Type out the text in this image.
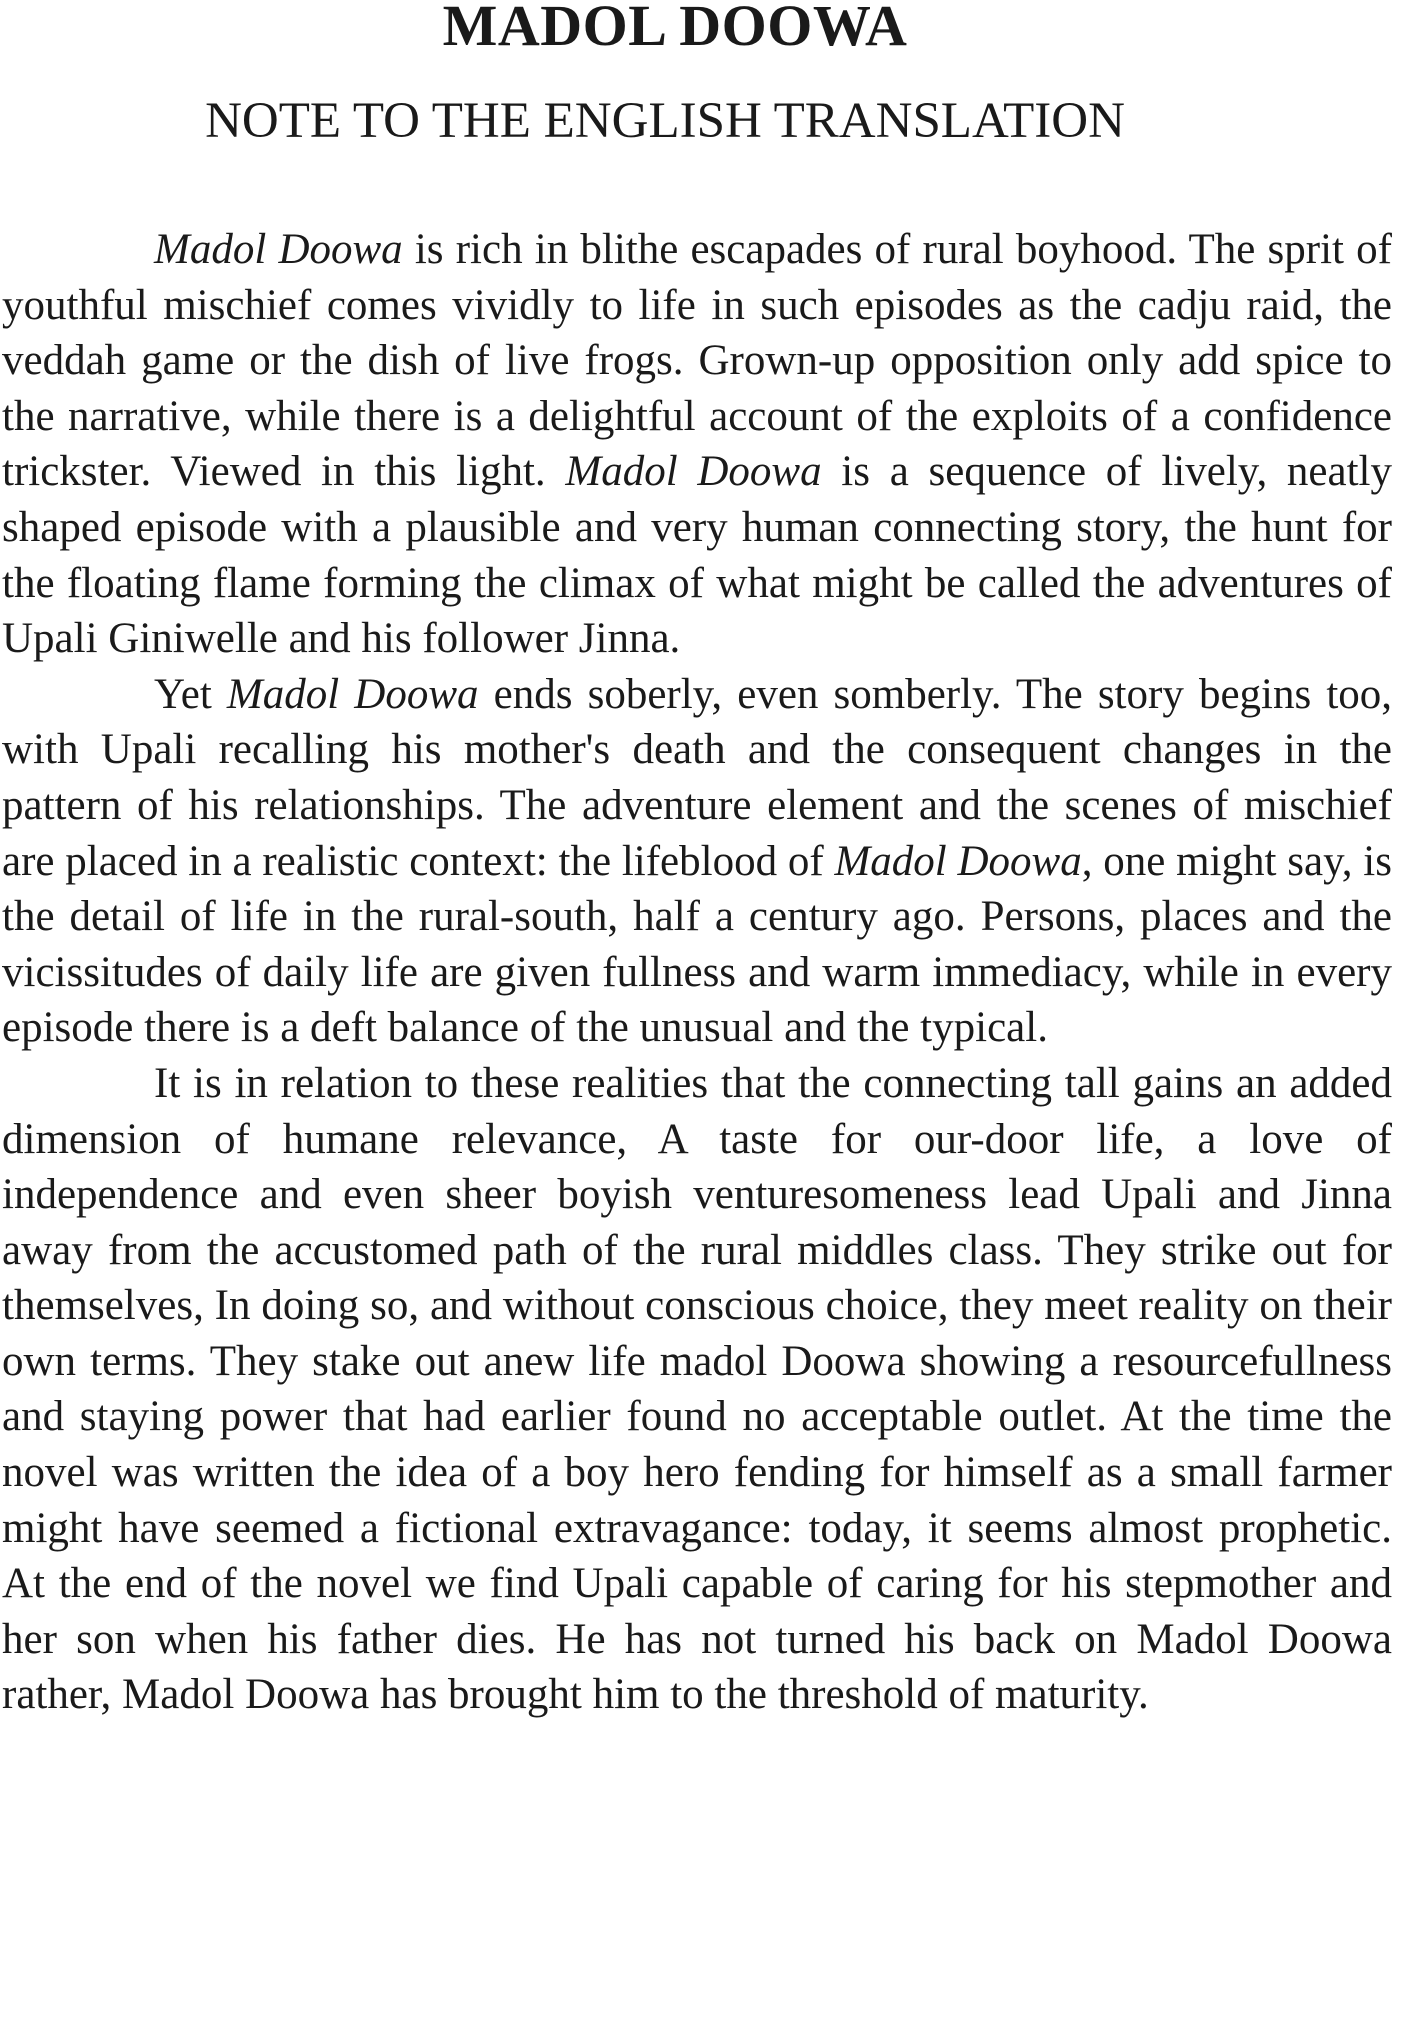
MADOL DOOWA
NOTE TO THE ENGLISH TRANSLATION

Madol Doowa is rich in blithe escapades of rural boyhood. The sprit of youthful mischief comes vividly to life in such episodes as the cadju raid, the veddah game or the dish of live frogs. Grown-up opposition only add spice to the narrative, while there is a delightful account of the exploits of a confidence trickster. Viewed in this light. Madol Doowa is a sequence of lively, neatly shaped episode with a plausible and very human connecting story, the hunt for the floating flame forming the climax of what might be called the adventures of Upali Giniwelle and his follower Jinna.

Yet Madol Doowa ends soberly, even somberly. The story begins too, with Upali recalling his mother's death and the consequent changes in the pattern of his relationships. The adventure element and the scenes of mischief are placed in a realistic context: the lifeblood of Madol Doowa, one might say, is the detail of life in the rural-south, half a century ago. Persons, places and the vicissitudes of daily life are given fullness and warm immediacy, while in every episode there is a deft balance of the unusual and the typical.

It is in relation to these realities that the connecting tall gains an added dimension of humane relevance, A taste for our-door life, a love of independence and even sheer boyish venturesomeness lead Upali and Jinna away from the accustomed path of the rural middles class. They strike out for themselves, In doing so, and without conscious choice, they meet reality on their own terms. They stake out anew life madol Doowa showing a resourcefullness and staying power that had earlier found no acceptable outlet. At the time the novel was written the idea of a boy hero fending for himself as a small farmer might have seemed a fictional extravagance: today, it seems almost prophetic. At the end of the novel we find Upali capable of caring for his stepmother and her son when his father dies. He has not turned his back on Madol Doowa rather, Madol Doowa has brought him to the threshold of maturity.
